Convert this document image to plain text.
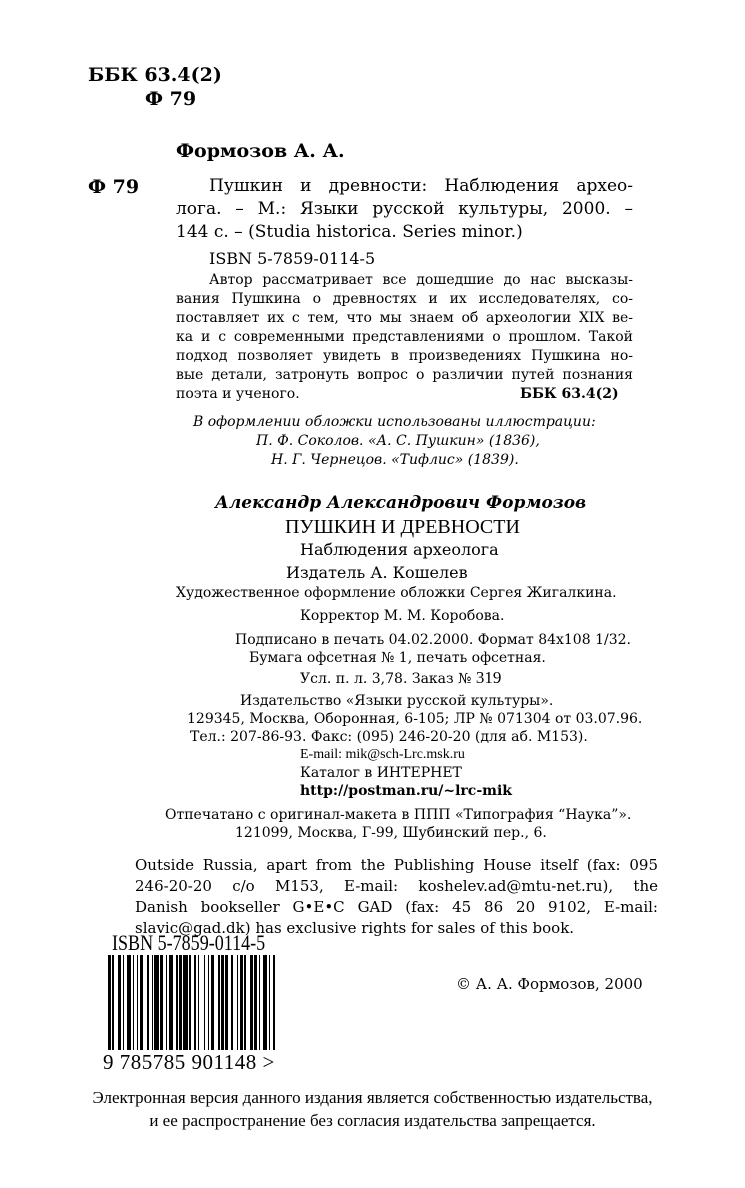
ББК 63.4(2)
Ф 79
Формозов А. А.
Ф 79	Пушкин и древности: Наблюдения архео-
лога. – М.: Языки русской культуры, 2000. –
144 с. – (Studia historica. Series minor.)
ISBN 5-7859-0114-5
Автор рассматривает все дошедшие до нас высказы-
вания Пушкина о древностях и их исследователях, со-
поставляет их с тем, что мы знаем об археологии XIX ве-
ка и с современными представлениями о прошлом. Такой
подход позволяет увидеть в произведениях Пушкина но-
вые детали, затронуть вопрос о различии путей познания
поэта и ученого.	ББК 63.4(2)
В оформлении обложки использованы иллюстрации:
П. Ф. Соколов. «А. С. Пушкин» (1836),
Н. Г. Чернецов. «Тифлис» (1839).
Александр Александрович Формозов
ПУШКИН И ДРЕВНОСТИ
Наблюдения археолога
Издатель А. Кошелев
Художественное оформление обложки Сергея Жигалкина.
Корректор М. М. Коробова.
Подписано в печать 04.02.2000. Формат 84х108 1/32.
Бумага офсетная № 1, печать офсетная.
Усл. п. л. 3,78. Заказ № 319
Издательство «Языки русской культуры».
129345, Москва, Оборонная, 6-105; ЛР № 071304 от 03.07.96.
Тел.: 207-86-93. Факс: (095) 246-20-20 (для аб. М153).
E-mail: mik@sch-Lrc.msk.ru
Каталог в ИНТЕРНЕТ
http://postman.ru/~lrc-mik
Отпечатано с оригинал-макета в ППП «Типография “Наука”».
121099, Москва, Г-99, Шубинский пер., 6.
Outside Russia, apart from the Publishing House itself (fax: 095
246-20-20 c/o M153, E-mail: koshelev.ad@mtu-net.ru), the
Danish bookseller G•E•C GAD (fax: 45 86 20 9102, E-mail:
slavic@gad.dk) has exclusive rights for sales of this book.
ISBN 5-7859-0114-5
9 785785 901148 >
© А. А. Формозов, 2000
Электронная версия данного издания является собственностью издательства,
и ее распространение без согласия издательства запрещается.
